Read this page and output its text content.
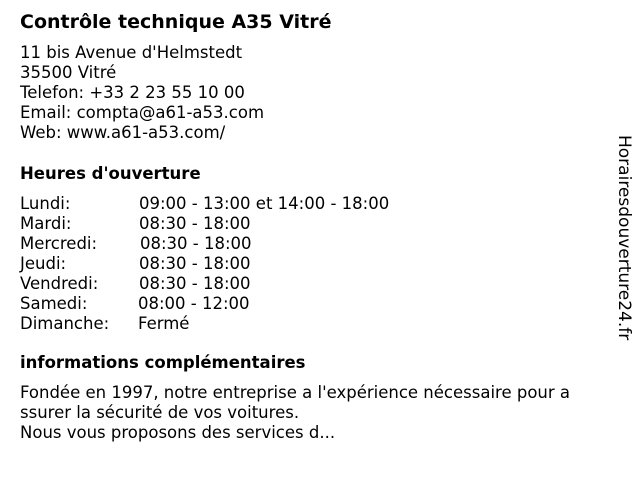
Contrôle technique A35 Vitré
11 bis Avenue d'Helmstedt
35500 Vitré
Telefon: +33 2 23 55 10 00
Email: compta@a61-a53.com
Web: www.a61-a53.com/
Heures d'ouverture
Lundi:	09:00 - 13:00 et 14:00 - 18:00
Mardi:	08:30 - 18:00
Mercredi:	08:30 - 18:00
Jeudi:	08:30 - 18:00
Vendredi: 08:30 - 18:00
Samedi:	08:00 - 12:00
Dimanche: Fermé
informations complémentaires
Fondée en 1997, notre entreprise a l'expérience nécessaire pour a
ssurer la sécurité de vos voitures.
Nous vous proposons des services d...
Horairesdouverture24.fr
